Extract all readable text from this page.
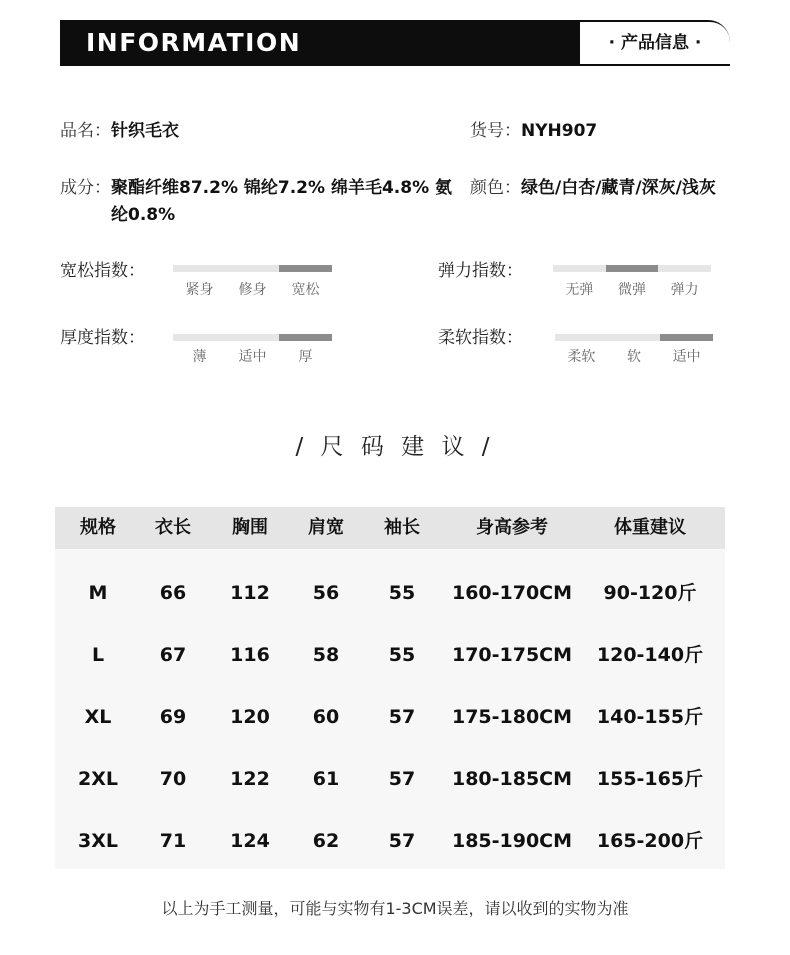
INFORMATION	· 产品信息 ·
品名：针织毛衣	货号：NYH907
成分： 聚酯纤维87.2% 锦纶7.2% 绵羊毛4.8% 氨纶0.8%
颜色：绿色/白杏/藏青/深灰/浅灰
宽松指数：
紧身 修身 宽松
弹力指数：
无弹 微弹 弹力
厚度指数：
薄 适中 厚
柔软指数：
柔软 软 适中
/ 尺 码 建 议 /
规格 衣长 胸围 肩宽 袖长	身高参考	体重建议
M	66 112 56	55 160-170CM 90-120斤
L	67 116 58	55 170-175CM 120-140斤
XL	69 120 60	57 175-180CM 140-155斤
2XL 70 122 61	57 180-185CM 155-165斤
3XL 71 124 62	57 185-190CM 165-200斤
以上为手工测量，可能与实物有1-3CM误差，请以收到的实物为准
